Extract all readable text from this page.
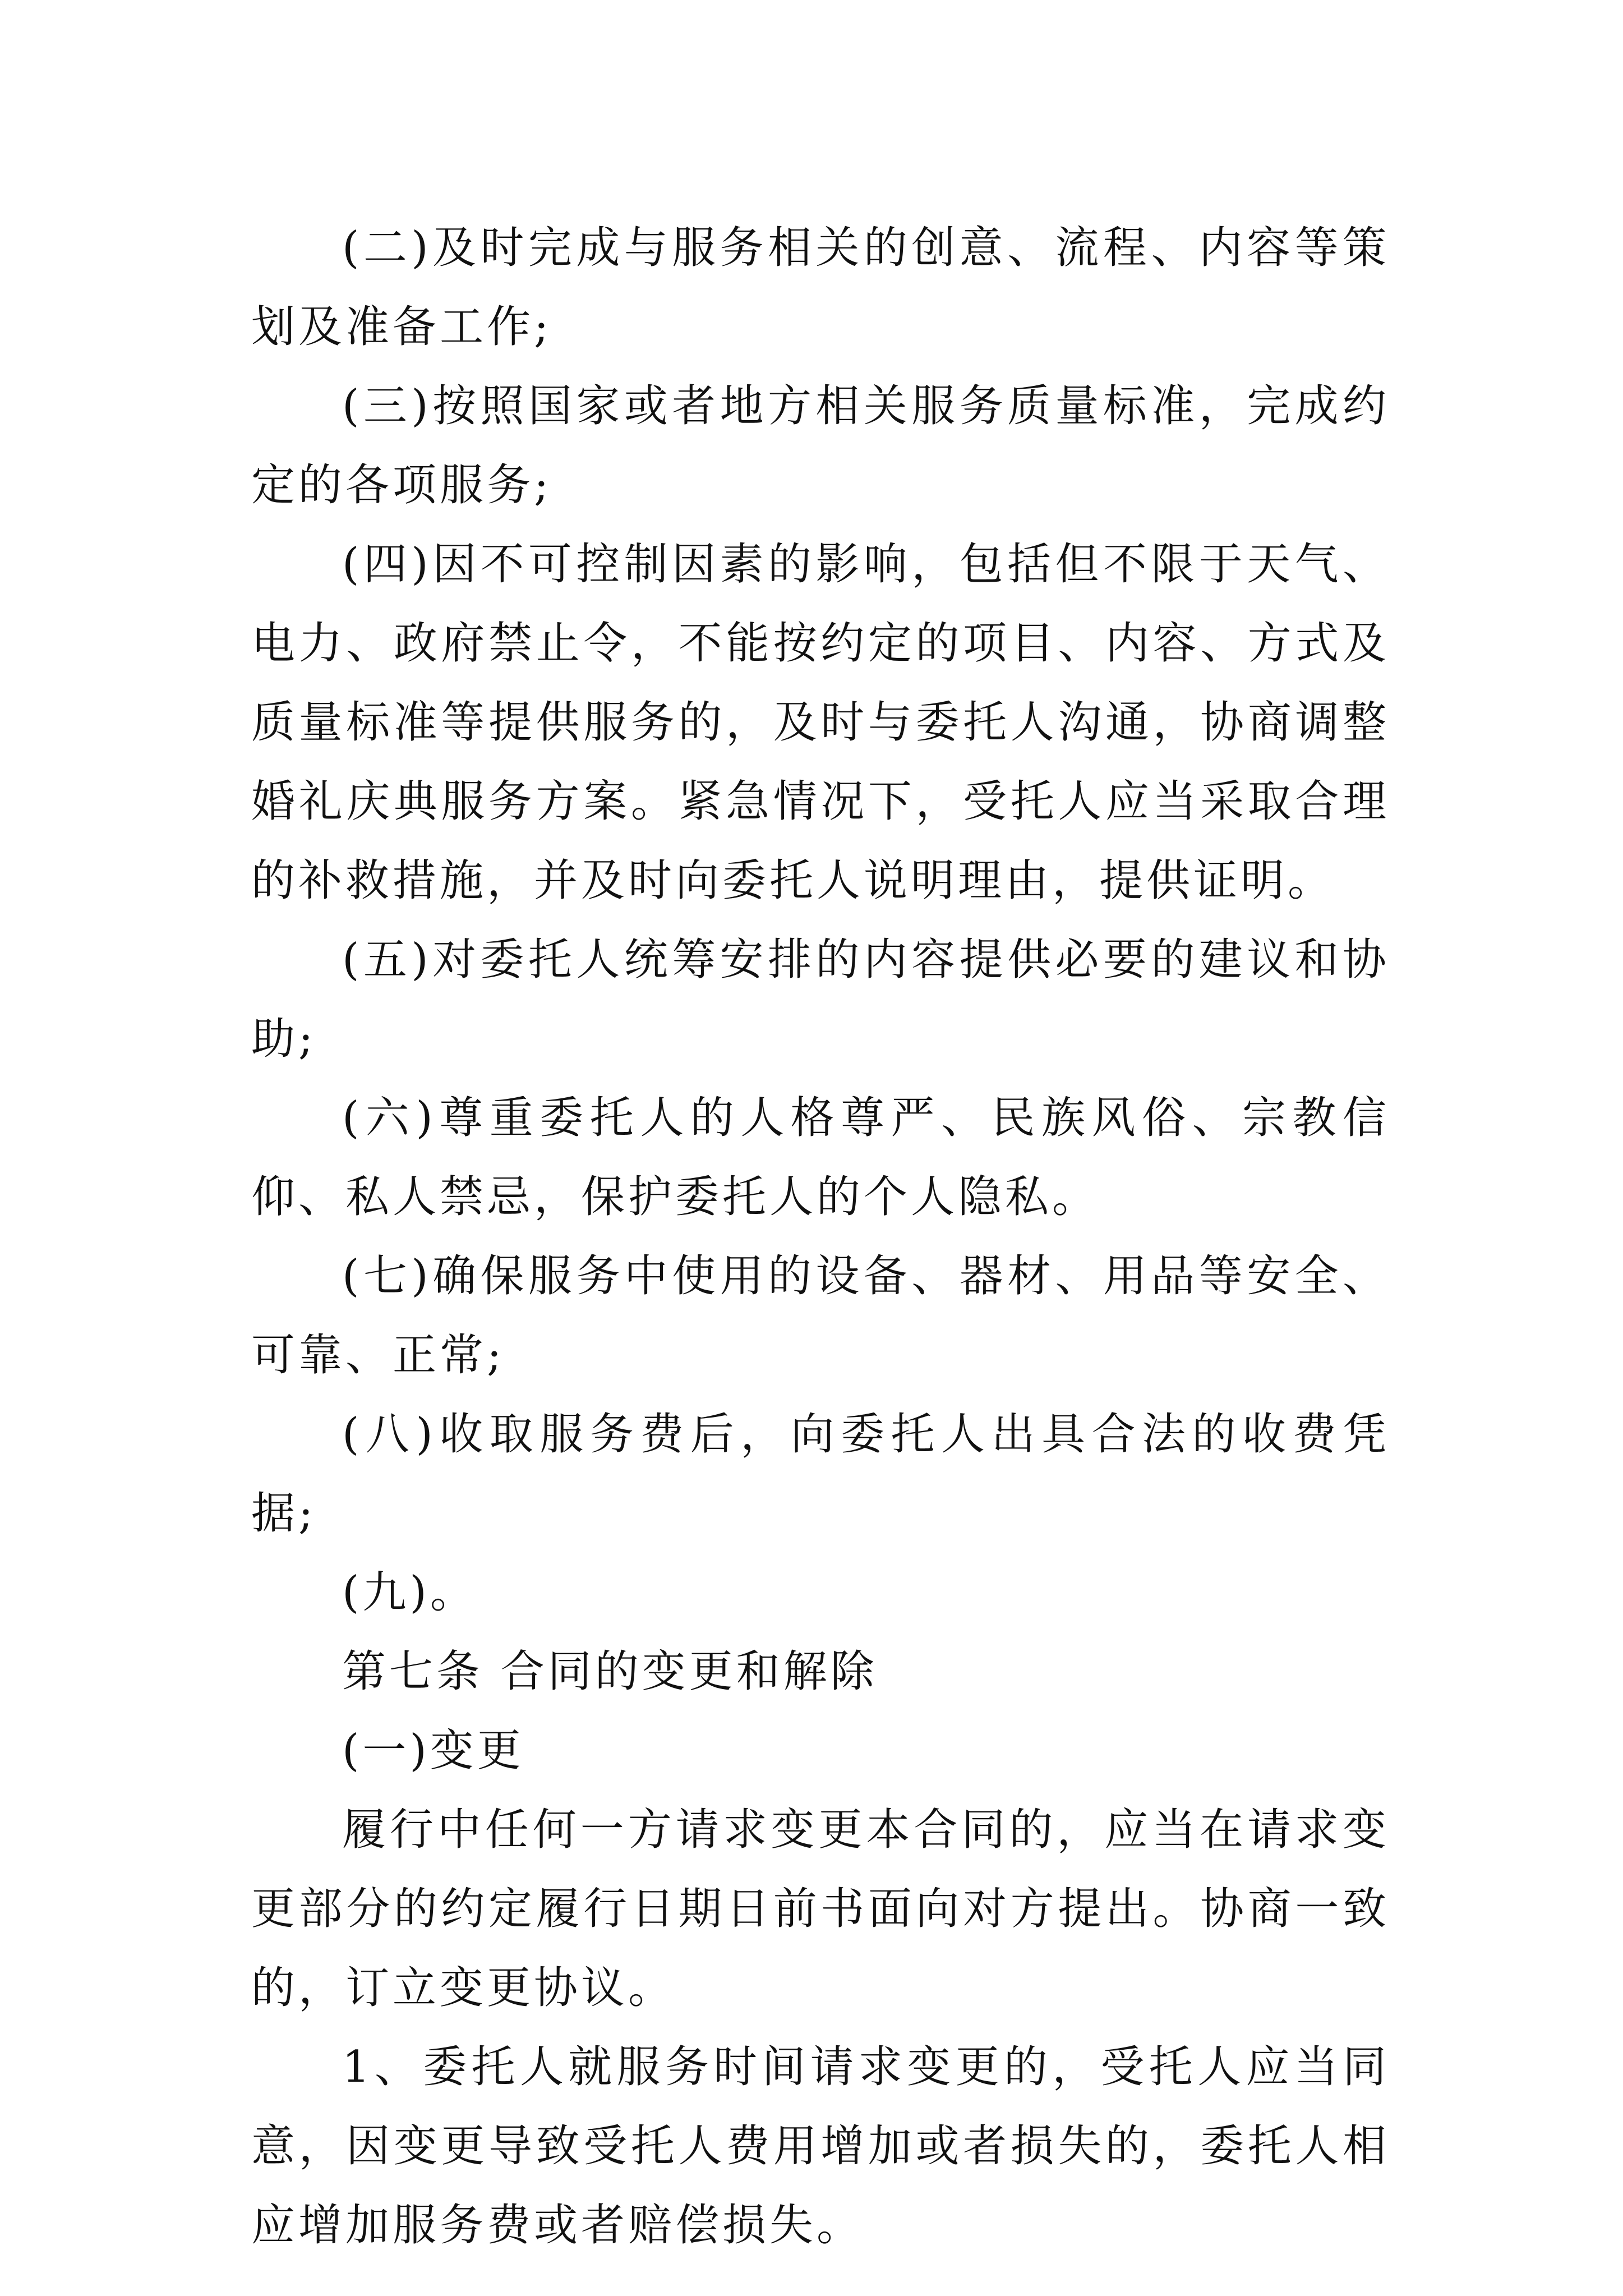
(二)及时完成与服务相关的创意、流程、内容等策划及准备工作;

(三)按照国家或者地方相关服务质量标准，完成约定的各项服务;

(四)因不可控制因素的影响，包括但不限于天气、电力、政府禁止令，不能按约定的项目、内容、方式及质量标准等提供服务的，及时与委托人沟通，协商调整婚礼庆典服务方案。紧急情况下，受托人应当采取合理的补救措施，并及时向委托人说明理由，提供证明。

(五)对委托人统筹安排的内容提供必要的建议和协助;

(六)尊重委托人的人格尊严、民族风俗、宗教信仰、私人禁忌，保护委托人的个人隐私。

(七)确保服务中使用的设备、器材、用品等安全、可靠、正常;

(八)收取服务费后，向委托人出具合法的收费凭据;

(九)。

第七条 合同的变更和解除

(一)变更

履行中任何一方请求变更本合同的，应当在请求变更部分的约定履行日期日前书面向对方提出。协商一致的，订立变更协议。

1、委托人就服务时间请求变更的，受托人应当同意，因变更导致受托人费用增加或者损失的，委托人相应增加服务费或者赔偿损失。
